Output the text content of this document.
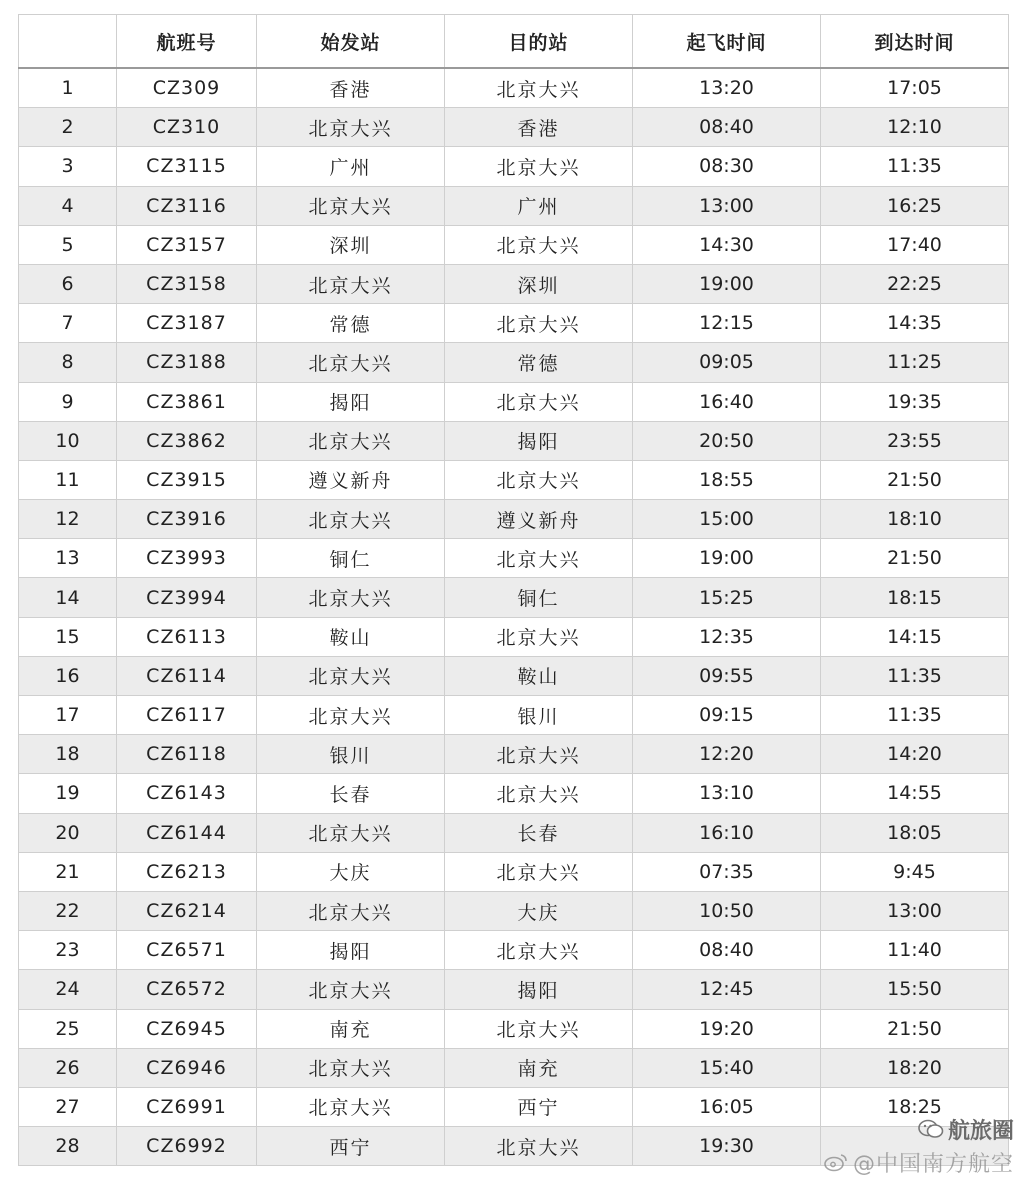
	航班号	始发站	目的站	起飞时间	到达时间
1	CZ309	香港	北京大兴	13:20	17:05
2	CZ310	北京大兴	香港	08:40	12:10
3	CZ3115	广州	北京大兴	08:30	11:35
4	CZ3116	北京大兴	广州	13:00	16:25
5	CZ3157	深圳	北京大兴	14:30	17:40
6	CZ3158	北京大兴	深圳	19:00	22:25
7	CZ3187	常德	北京大兴	12:15	14:35
8	CZ3188	北京大兴	常德	09:05	11:25
9	CZ3861	揭阳	北京大兴	16:40	19:35
10	CZ3862	北京大兴	揭阳	20:50	23:55
11	CZ3915	遵义新舟	北京大兴	18:55	21:50
12	CZ3916	北京大兴	遵义新舟	15:00	18:10
13	CZ3993	铜仁	北京大兴	19:00	21:50
14	CZ3994	北京大兴	铜仁	15:25	18:15
15	CZ6113	鞍山	北京大兴	12:35	14:15
16	CZ6114	北京大兴	鞍山	09:55	11:35
17	CZ6117	北京大兴	银川	09:15	11:35
18	CZ6118	银川	北京大兴	12:20	14:20
19	CZ6143	长春	北京大兴	13:10	14:55
20	CZ6144	北京大兴	长春	16:10	18:05
21	CZ6213	大庆	北京大兴	07:35	9:45
22	CZ6214	北京大兴	大庆	10:50	13:00
23	CZ6571	揭阳	北京大兴	08:40	11:40
24	CZ6572	北京大兴	揭阳	12:45	15:50
25	CZ6945	南充	北京大兴	19:20	21:50
26	CZ6946	北京大兴	南充	15:40	18:20
27	CZ6991	北京大兴	西宁	16:05	18:25
28	CZ6992	西宁	北京大兴	19:30	
航旅圈
@中国南方航空
